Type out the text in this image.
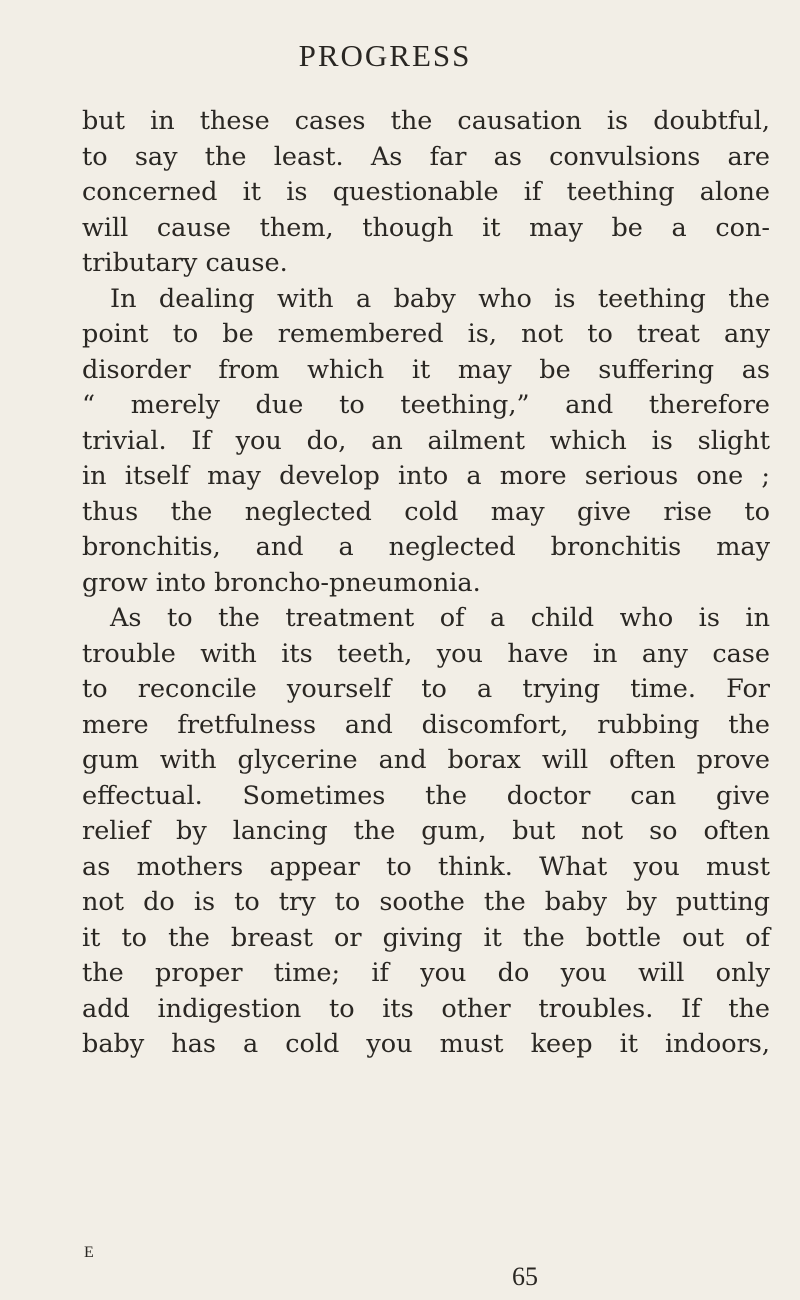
PROGRESS
but in these cases the causation is doubtful,
to say the least. As far as convulsions are
concerned it is questionable if teething alone
will cause them, though it may be a con-
tributary cause.
In dealing with a baby who is teething the
point to be remembered is, not to treat any
disorder from which it may be suffering as
“ merely due to teething,” and therefore
trivial. If you do, an ailment which is slight
in itself may develop into a more serious one ;
thus the neglected cold may give rise to
bronchitis, and a neglected bronchitis may
grow into broncho-pneumonia.
As to the treatment of a child who is in
trouble with its teeth, you have in any case
to reconcile yourself to a trying time. For
mere fretfulness and discomfort, rubbing the
gum with glycerine and borax will often prove
effectual. Sometimes the doctor can give
relief by lancing the gum, but not so often
as mothers appear to think. What you must
not do is to try to soothe the baby by putting
it to the breast or giving it the bottle out of
the proper time; if you do you will only
add indigestion to its other troubles. If the
baby has a cold you must keep it indoors,
E
65
